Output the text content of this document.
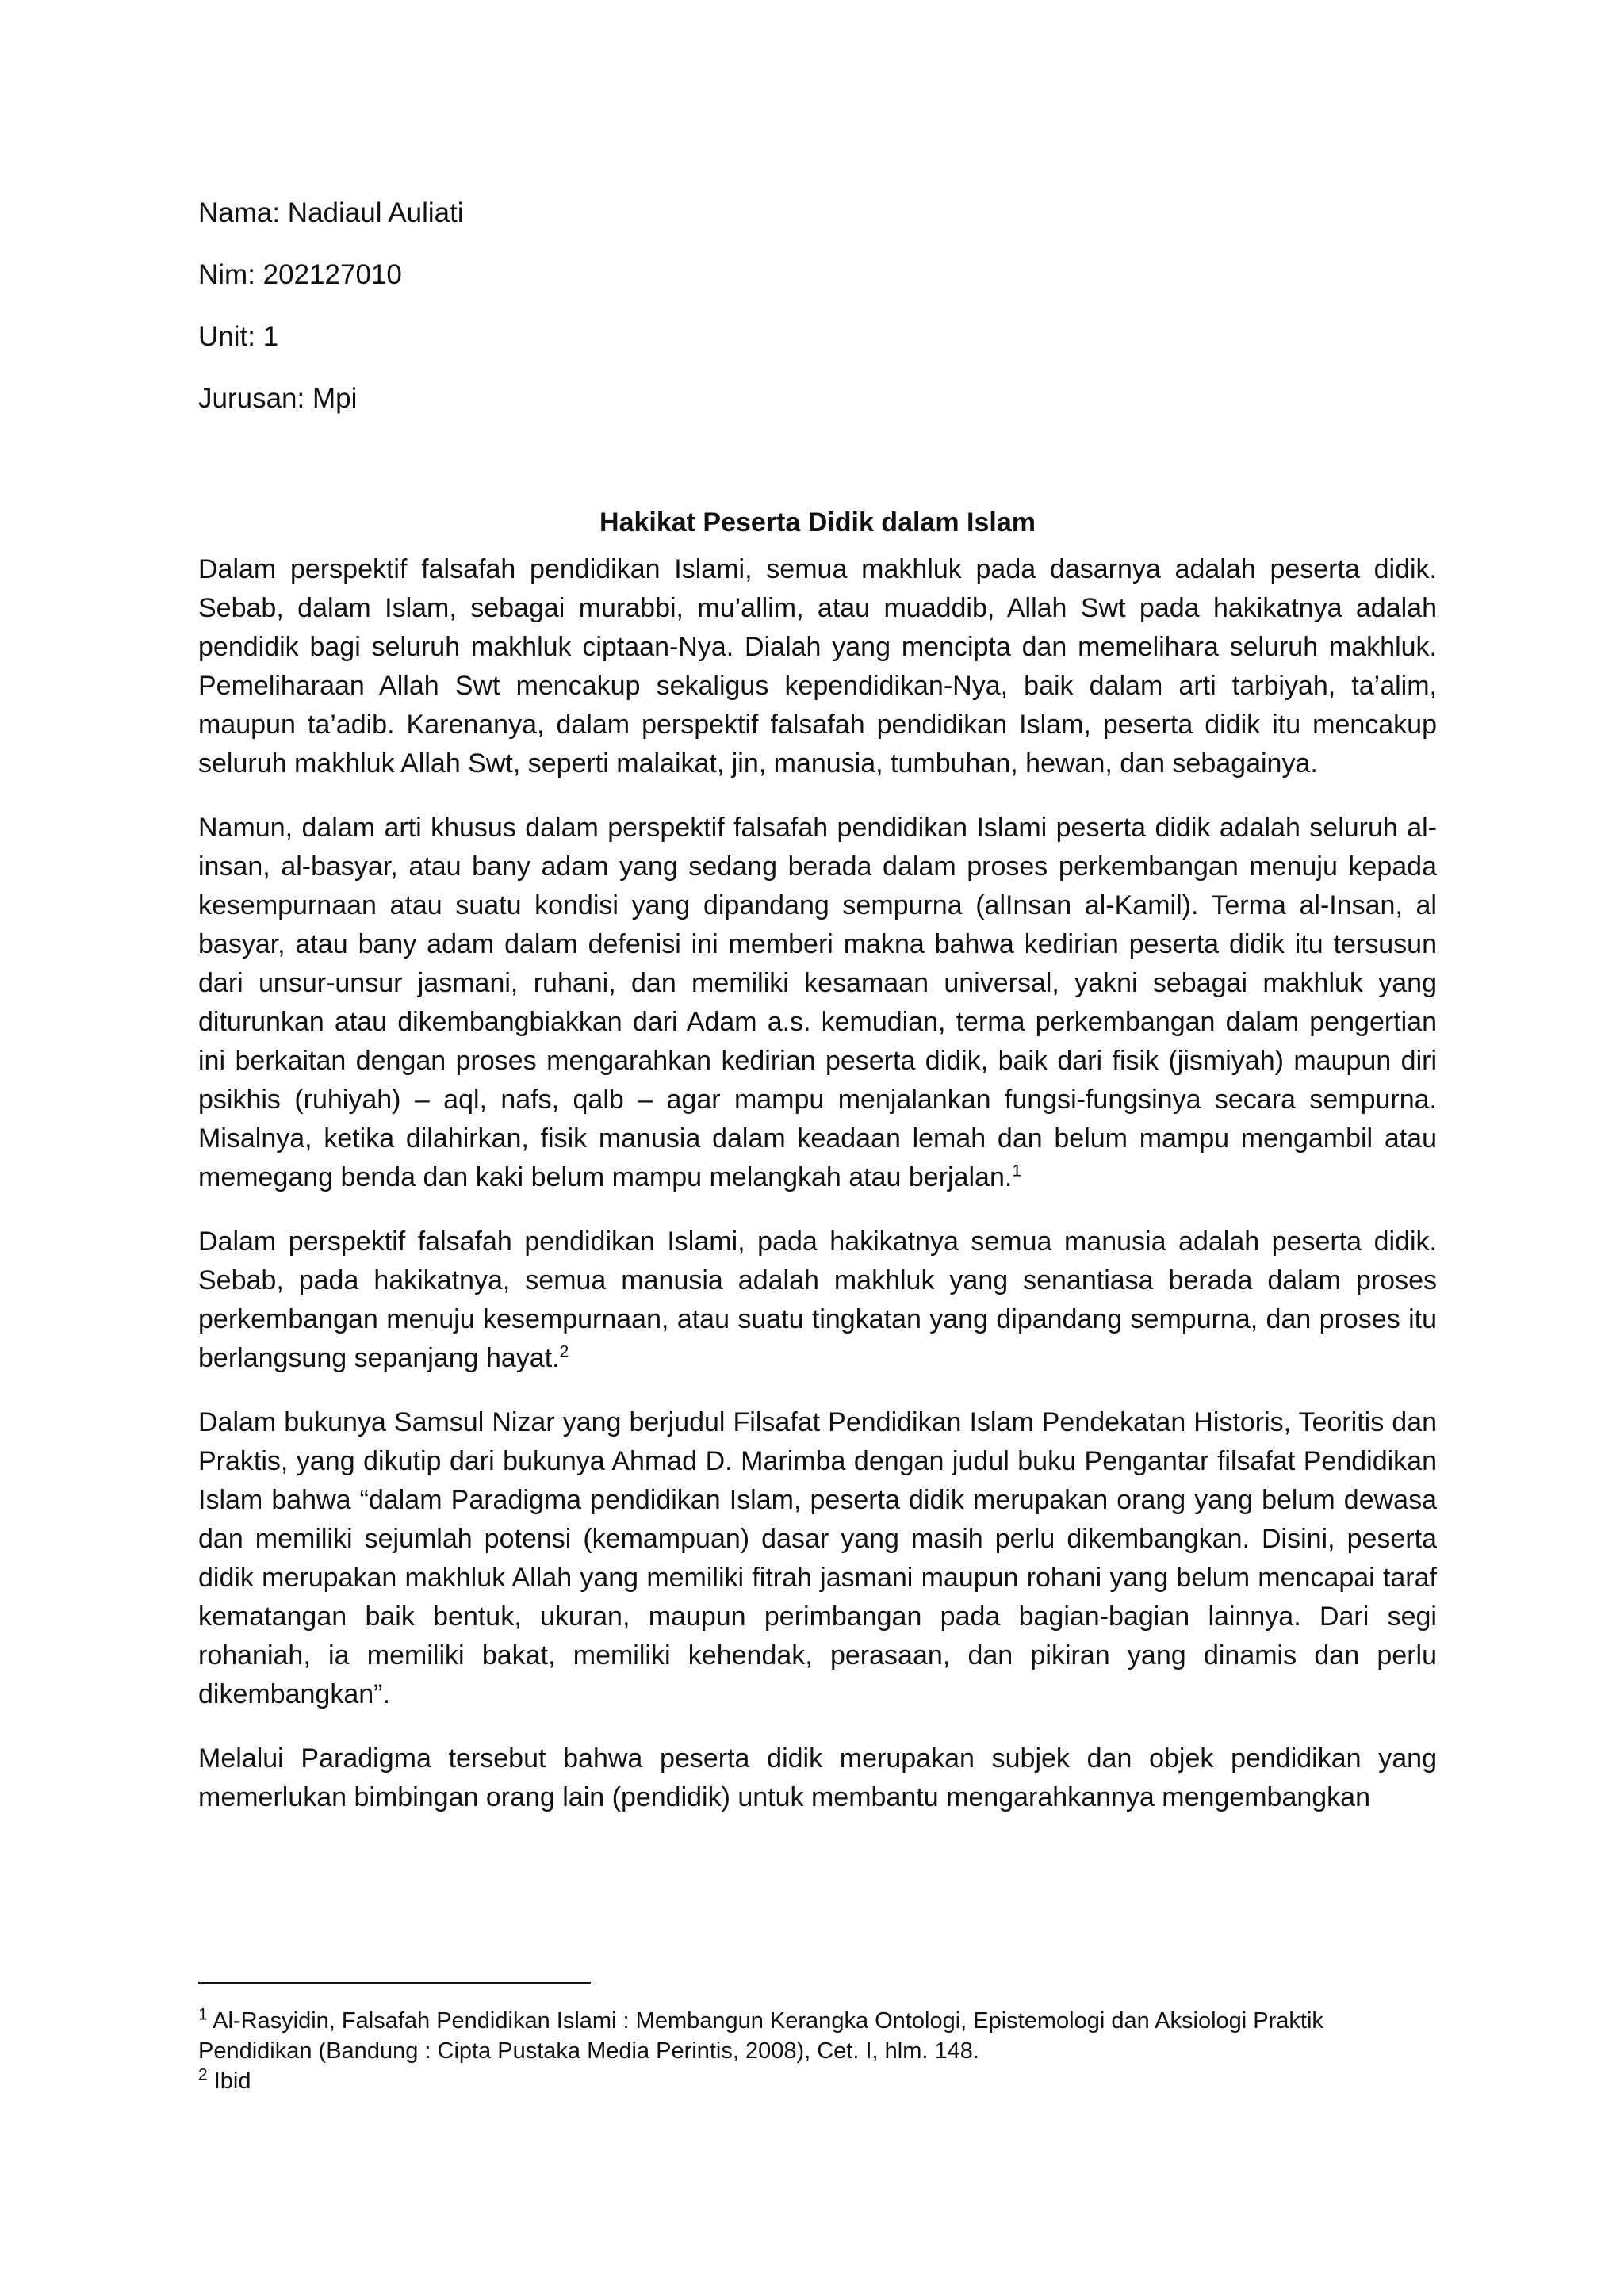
Nama: Nadiaul Auliati
Nim: 202127010
Unit: 1
Jurusan: Mpi
Hakikat Peserta Didik dalam Islam

Dalam perspektif falsafah pendidikan Islami, semua makhluk pada dasarnya adalah peserta didik. Sebab, dalam Islam, sebagai murabbi, mu’allim, atau muaddib, Allah Swt pada hakikatnya adalah pendidik bagi seluruh makhluk ciptaan-Nya. Dialah yang mencipta dan memelihara seluruh makhluk. Pemeliharaan Allah Swt mencakup sekaligus kependidikan-Nya, baik dalam arti tarbiyah, ta’alim, maupun ta’adib. Karenanya, dalam perspektif falsafah pendidikan Islam, peserta didik itu mencakup seluruh makhluk Allah Swt, seperti malaikat, jin, manusia, tumbuhan, hewan, dan sebagainya.

Namun, dalam arti khusus dalam perspektif falsafah pendidikan Islami peserta didik adalah seluruh al-insan, al-basyar, atau bany adam yang sedang berada dalam proses perkembangan menuju kepada kesempurnaan atau suatu kondisi yang dipandang sempurna (alInsan al-Kamil). Terma al-Insan, al basyar, atau bany adam dalam defenisi ini memberi makna bahwa kedirian peserta didik itu tersusun dari unsur-unsur jasmani, ruhani, dan memiliki kesamaan universal, yakni sebagai makhluk yang diturunkan atau dikembangbiakkan dari Adam a.s. kemudian, terma perkembangan dalam pengertian ini berkaitan dengan proses mengarahkan kedirian peserta didik, baik dari fisik (jismiyah) maupun diri psikhis (ruhiyah) – aql, nafs, qalb – agar mampu menjalankan fungsi-fungsinya secara sempurna. Misalnya, ketika dilahirkan, fisik manusia dalam keadaan lemah dan belum mampu mengambil atau memegang benda dan kaki belum mampu melangkah atau berjalan.$^1$

Dalam perspektif falsafah pendidikan Islami, pada hakikatnya semua manusia adalah peserta didik. Sebab, pada hakikatnya, semua manusia adalah makhluk yang senantiasa berada dalam proses perkembangan menuju kesempurnaan, atau suatu tingkatan yang dipandang sempurna, dan proses itu berlangsung sepanjang hayat.$^2$

Dalam bukunya Samsul Nizar yang berjudul Filsafat Pendidikan Islam Pendekatan Historis, Teoritis dan Praktis, yang dikutip dari bukunya Ahmad D. Marimba dengan judul buku Pengantar filsafat Pendidikan Islam bahwa “dalam Paradigma pendidikan Islam, peserta didik merupakan orang yang belum dewasa dan memiliki sejumlah potensi (kemampuan) dasar yang masih perlu dikembangkan. Disini, peserta didik merupakan makhluk Allah yang memiliki fitrah jasmani maupun rohani yang belum mencapai taraf kematangan baik bentuk, ukuran, maupun perimbangan pada bagian-bagian lainnya. Dari segi rohaniah, ia memiliki bakat, memiliki kehendak, perasaan, dan pikiran yang dinamis dan perlu dikembangkan”.

Melalui Paradigma tersebut bahwa peserta didik merupakan subjek dan objek pendidikan yang memerlukan bimbingan orang lain (pendidik) untuk membantu mengarahkannya mengembangkan

$^1$ Al-Rasyidin, Falsafah Pendidikan Islami : Membangun Kerangka Ontologi, Epistemologi dan Aksiologi Praktik Pendidikan (Bandung : Cipta Pustaka Media Perintis, 2008), Cet. I, hlm. 148.

$^2$ Ibid
